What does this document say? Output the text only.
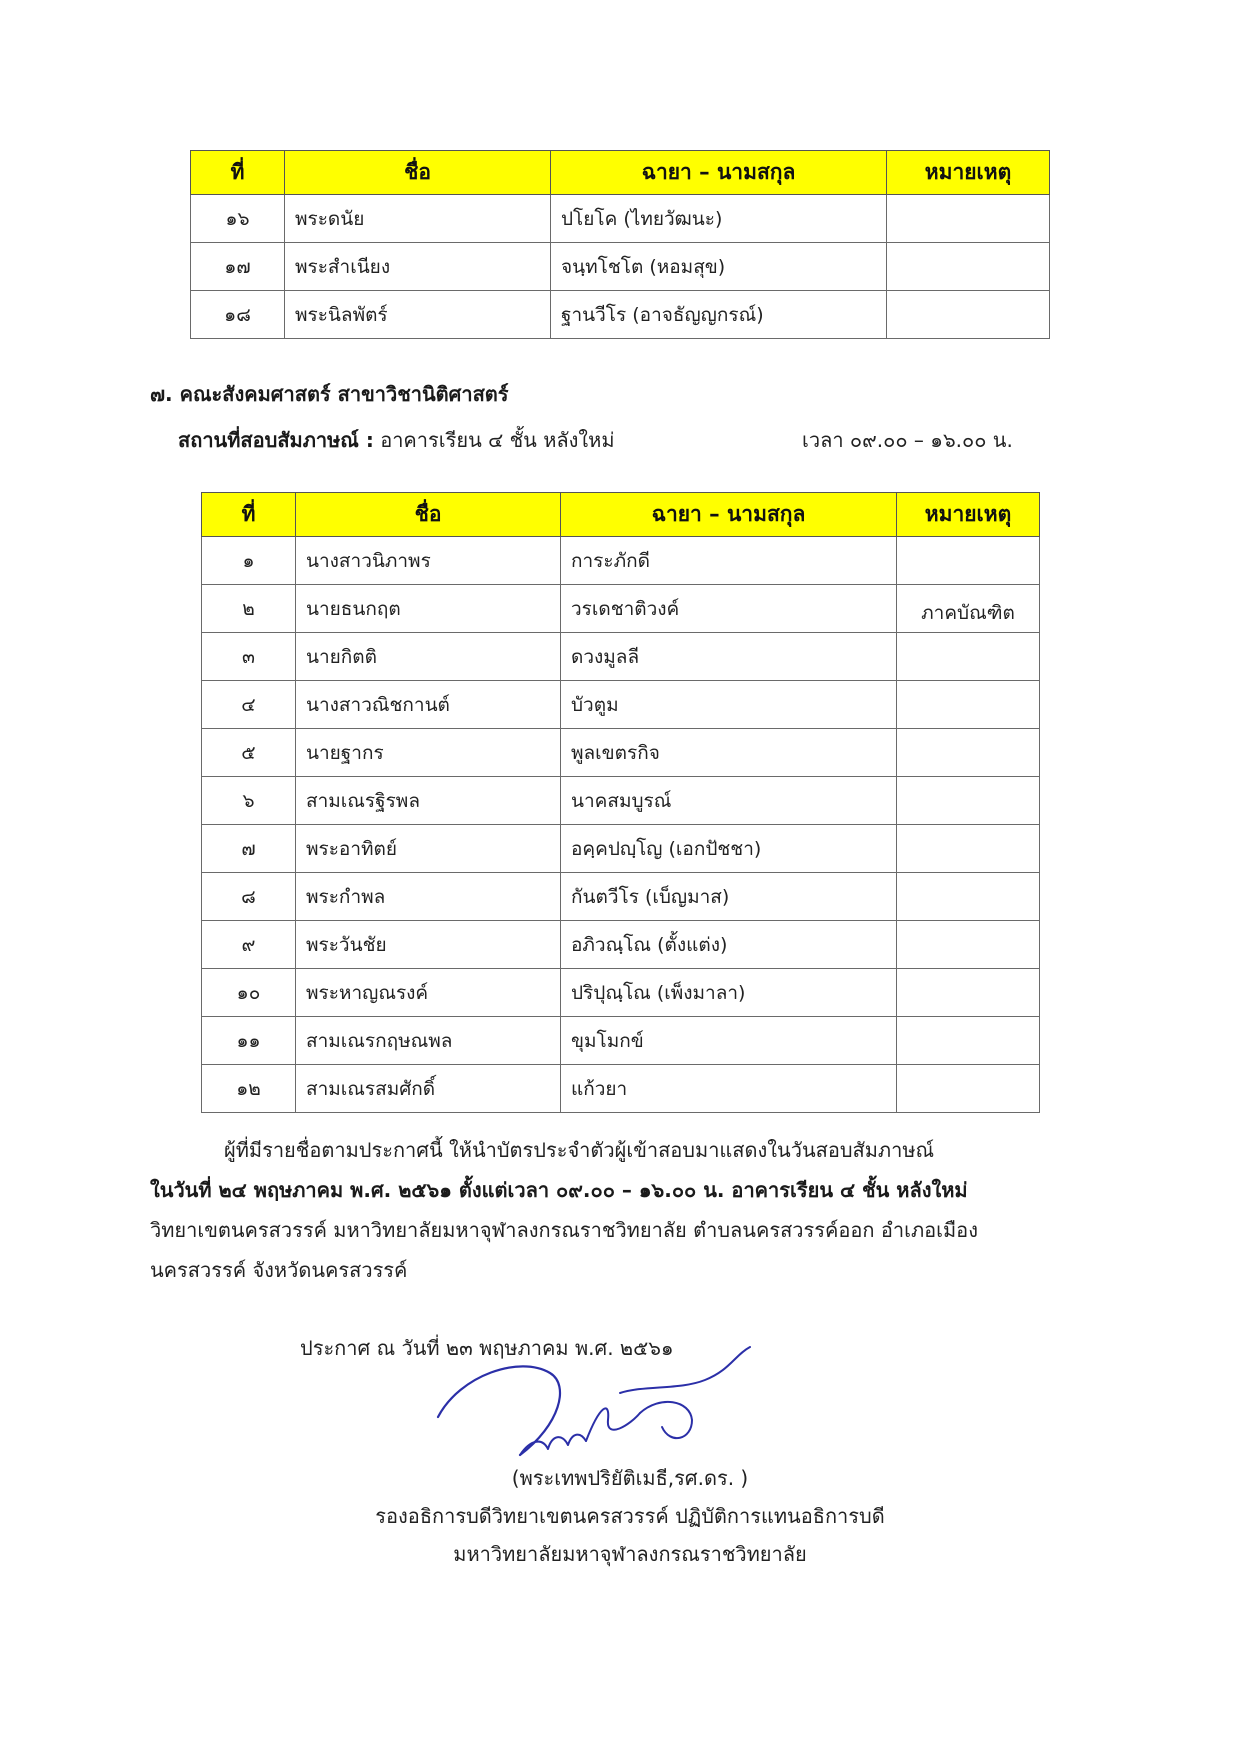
ที่	ชื่อ	ฉายา – นามสกุล	หมายเหตุ
๑๖	พระดนัย	ปโยโค (ไทยวัฒนะ)	
๑๗	พระสำเนียง	จนฺทโชโต (หอมสุข)	
๑๘	พระนิลพัตร์	ฐานวีโร (อาจธัญญกรณ์)	
๗. คณะสังคมศาสตร์ สาขาวิชานิติศาสตร์
สถานที่สอบสัมภาษณ์ : อาคารเรียน ๔ ชั้น หลังใหม่	เวลา ๐๙.๐๐ – ๑๖.๐๐ น.
ที่	ชื่อ	ฉายา – นามสกุล	หมายเหตุ
๑	นางสาวนิภาพร	การะภักดี	
๒	นายธนกฤต	วรเดชาติวงค์	ภาคบัณฑิต
๓	นายกิตติ	ดวงมูลลี	
๔	นางสาวณิชกานต์	บัวตูม	
๕	นายฐากร	พูลเขตรกิจ	
๖	สามเณรฐิรพล	นาคสมบูรณ์	
๗	พระอาทิตย์	อคฺคปญฺโญ (เอกปัชชา)	
๘	พระกำพล	กันตวีโร (เบ็ญมาส)	
๙	พระวันชัย	อภิวณฺโณ (ตั้งแต่ง)	
๑๐	พระหาญณรงค์	ปริปุณฺโณ (เพ็งมาลา)	
๑๑	สามเณรกฤษณพล	ขุมโมกข์	
๑๒	สามเณรสมศักดิ์	แก้วยา	
ผู้ที่มีรายชื่อตามประกาศนี้ ให้นำบัตรประจำตัวผู้เข้าสอบมาแสดงในวันสอบสัมภาษณ์
ในวันที่ ๒๔ พฤษภาคม พ.ศ. ๒๕๖๑ ตั้งแต่เวลา ๐๙.๐๐ – ๑๖.๐๐ น. อาคารเรียน ๔ ชั้น หลังใหม่
วิทยาเขตนครสวรรค์ มหาวิทยาลัยมหาจุฬาลงกรณราชวิทยาลัย ตำบลนครสวรรค์ออก อำเภอเมือง
นครสวรรค์ จังหวัดนครสวรรค์
ประกาศ ณ วันที่ ๒๓ พฤษภาคม พ.ศ. ๒๕๖๑
(พระเทพปริยัติเมธี,รศ.ดร. )
รองอธิการบดีวิทยาเขตนครสวรรค์ ปฏิบัติการแทนอธิการบดี
มหาวิทยาลัยมหาจุฬาลงกรณราชวิทยาลัย
